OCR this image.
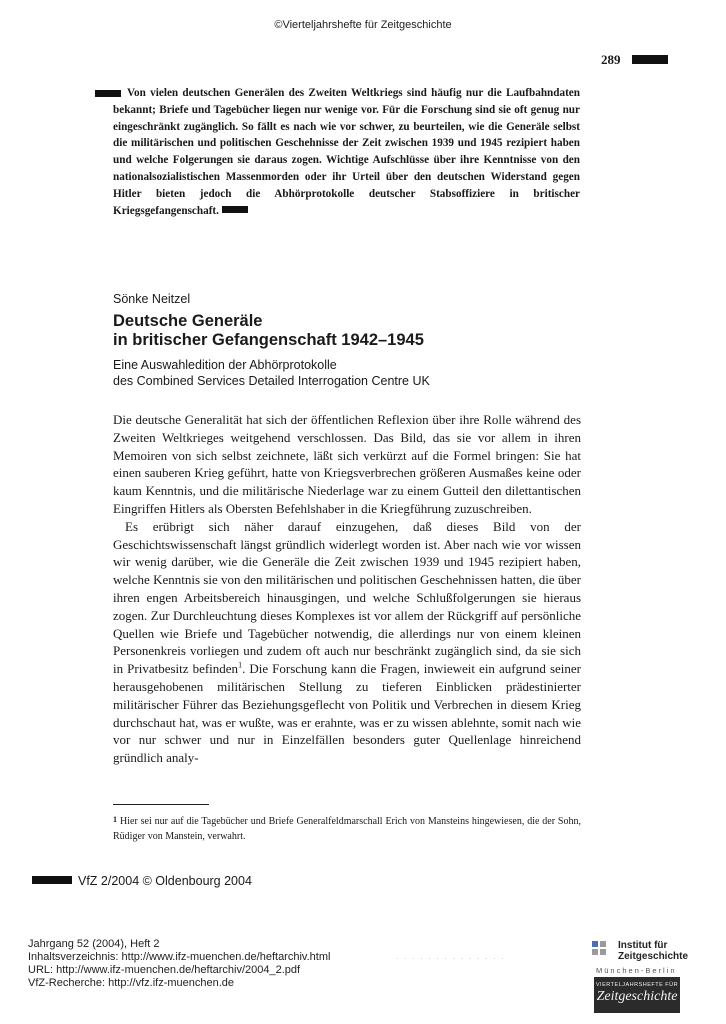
©Vierteljahrshefte für Zeitgeschichte
289
Von vielen deutschen Generälen des Zweiten Weltkriegs sind häufig nur die Laufbahndaten bekannt; Briefe und Tagebücher liegen nur wenige vor. Für die Forschung sind sie oft genug nur eingeschränkt zugänglich. So fällt es nach wie vor schwer, zu beurteilen, wie die Generäle selbst die militärischen und politischen Geschehnisse der Zeit zwischen 1939 und 1945 rezipiert haben und welche Folgerungen sie daraus zogen. Wichtige Aufschlüsse über ihre Kenntnisse von den nationalsozialistischen Massenmorden oder ihr Urteil über den deutschen Widerstand gegen Hitler bieten jedoch die Abhörprotokolle deutscher Stabsoffiziere in britischer Kriegsgefangenschaft.
Sönke Neitzel
Deutsche Generäle
in britischer Gefangenschaft 1942–1945
Eine Auswahledition der Abhörprotokolle
des Combined Services Detailed Interrogation Centre UK

Die deutsche Generalität hat sich der öffentlichen Reflexion über ihre Rolle während des Zweiten Weltkrieges weitgehend verschlossen. Das Bild, das sie vor allem in ihren Memoiren von sich selbst zeichnete, läßt sich verkürzt auf die Formel bringen: Sie hat einen sauberen Krieg geführt, hatte von Kriegsverbrechen größeren Ausmaßes keine oder kaum Kenntnis, und die militärische Niederlage war zu einem Gutteil den dilettantischen Eingriffen Hitlers als Obersten Befehlshaber in die Kriegführung zuzuschreiben.

Es erübrigt sich näher darauf einzugehen, daß dieses Bild von der Geschichtswissenschaft längst gründlich widerlegt worden ist. Aber nach wie vor wissen wir wenig darüber, wie die Generäle die Zeit zwischen 1939 und 1945 rezipiert haben, welche Kenntnis sie von den militärischen und politischen Geschehnissen hatten, die über ihren engen Arbeitsbereich hinausgingen, und welche Schlußfolgerungen sie hieraus zogen. Zur Durchleuchtung dieses Komplexes ist vor allem der Rückgriff auf persönliche Quellen wie Briefe und Tagebücher notwendig, die allerdings nur von einem kleinen Personenkreis vorliegen und zudem oft auch nur beschränkt zugänglich sind, da sie sich in Privatbesitz befinden$^1$. Die Forschung kann die Fragen, inwieweit ein aufgrund seiner herausgehobenen militärischen Stellung zu tieferen Einblicken prädestinierter militärischer Führer das Beziehungsgeflecht von Politik und Verbrechen in diesem Krieg durchschaut hat, was er wußte, was er erahnte, was er zu wissen ablehnte, somit nach wie vor nur schwer und nur in Einzelfällen besonders guter Quellenlage hinreichend gründlich analy-

$^1$ Hier sei nur auf die Tagebücher und Briefe Generalfeldmarschall Erich von Mansteins hingewiesen, die der Sohn, Rüdiger von Manstein, verwahrt.
VfZ 2/2004 © Oldenbourg 2004
Jahrgang 52 (2004), Heft 2
Inhaltsverzeichnis: http://www.ifz-muenchen.de/heftarchiv.html
URL: http://www.ifz-muenchen.de/heftarchiv/2004_2.pdf
VfZ-Recherche: http://vfz.ifz-muenchen.de
· · · · · · · · · · · · · ·
Institut für
Zeitgeschichte
München-Berlin
VIERTELJAHRSHEFTE FÜR
Zeitgeschichte
